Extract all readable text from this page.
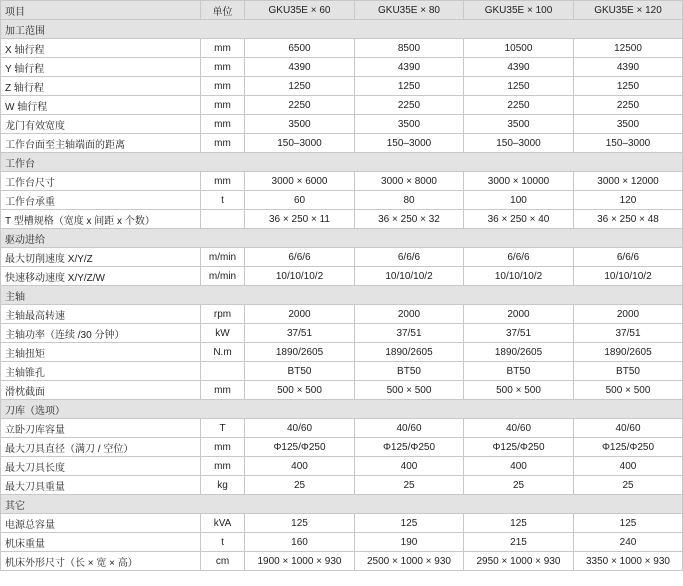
项目	单位	GKU35E × 60	GKU35E × 80	GKU35E × 100	GKU35E × 120
加工范围					
X 轴行程	mm	6500	8500	10500	12500
Y 轴行程	mm	4390	4390	4390	4390
Z 轴行程	mm	1250	1250	1250	1250
W 轴行程	mm	2250	2250	2250	2250
龙门有效宽度	mm	3500	3500	3500	3500
工作台面至主轴端面的距离	mm	150–3000	150–3000	150–3000	150–3000
工作台					
工作台尺寸	mm	3000 × 6000	3000 × 8000	3000 × 10000	3000 × 12000
工作台承重	t	60	80	100	120
T 型槽规格（宽度 x 间距 x 个数）		36 × 250 × 11	36 × 250 × 32	36 × 250 × 40	36 × 250 × 48
驱动进给					
最大切削速度 X/Y/Z	m/min	6/6/6	6/6/6	6/6/6	6/6/6
快速移动速度 X/Y/Z/W	m/min	10/10/10/2	10/10/10/2	10/10/10/2	10/10/10/2
主轴					
主轴最高转速	rpm	2000	2000	2000	2000
主轴功率（连续 /30 分钟）	kW	37/51	37/51	37/51	37/51
主轴扭矩	N.m	1890/2605	1890/2605	1890/2605	1890/2605
主轴锥孔		BT50	BT50	BT50	BT50
滑枕截面	mm	500 × 500	500 × 500	500 × 500	500 × 500
刀库（选项）					
立卧刀库容量	T	40/60	40/60	40/60	40/60
最大刀具直径（满刀 / 空位）	mm	Φ125/Φ250	Φ125/Φ250	Φ125/Φ250	Φ125/Φ250
最大刀具长度	mm	400	400	400	400
最大刀具重量	kg	25	25	25	25
其它					
电源总容量	kVA	125	125	125	125
机床重量	t	160	190	215	240
机床外形尺寸（长 × 宽 × 高）	cm	1900 × 1000 × 930	2500 × 1000 × 930	2950 × 1000 × 930	3350 × 1000 × 930
